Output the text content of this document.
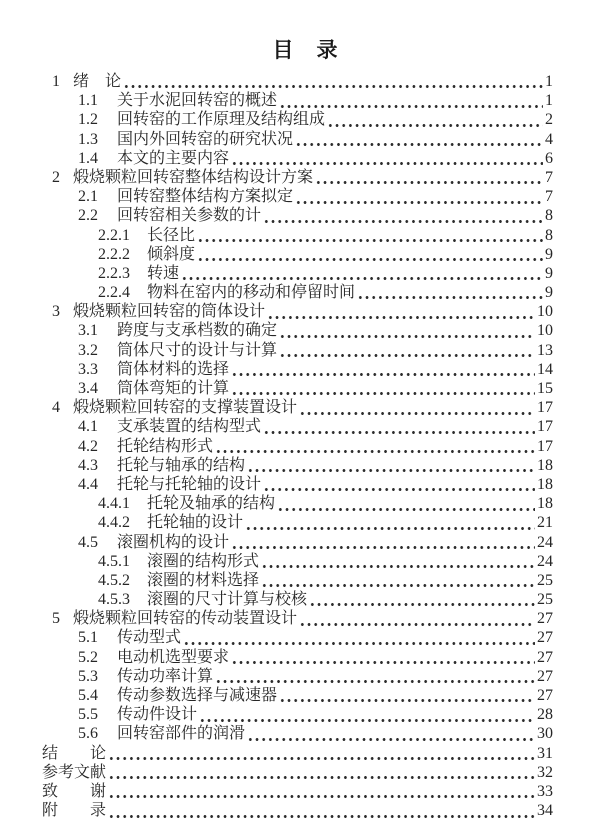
目　录
1 绪　论	1
1.1	关于水泥回转窑的概述	1
1.2	回转窑的工作原理及结构组成	2
1.3	国内外回转窑的研究状况	4
1.4	本文的主要内容	6
2 煅烧颗粒回转窑整体结构设计方案	7
2.1	回转窑整体结构方案拟定	7
2.2	回转窑相关参数的计	8
2.2.1	长径比	8
2.2.2	倾斜度	9
2.2.3	转速	9
2.2.4	物料在窑内的移动和停留时间	9
3 煅烧颗粒回转窑的筒体设计	10
3.1	跨度与支承档数的确定	10
3.2	筒体尺寸的设计与计算	13
3.3	筒体材料的选择	14
3.4	筒体弯矩的计算	15
4 煅烧颗粒回转窑的支撑装置设计	17
4.1	支承装置的结构型式	17
4.2	托轮结构形式	17
4.3	托轮与轴承的结构	18
4.4	托轮与托轮轴的设计	18
4.4.1	托轮及轴承的结构	18
4.4.2	托轮轴的设计	21
4.5	滚圈机构的设计	24
4.5.1	滚圈的结构形式	24
4.5.2	滚圈的材料选择	25
4.5.3	滚圈的尺寸计算与校核	25
5 煅烧颗粒回转窑的传动装置设计	27
5.1	传动型式	27
5.2	电动机选型要求	27
5.3	传动功率计算	27
5.4	传动参数选择与减速器	27
5.5	传动件设计	28
5.6	回转窑部件的润滑	30
结　　论	31
参考文献	32
致　　谢	33
附　　录	34
